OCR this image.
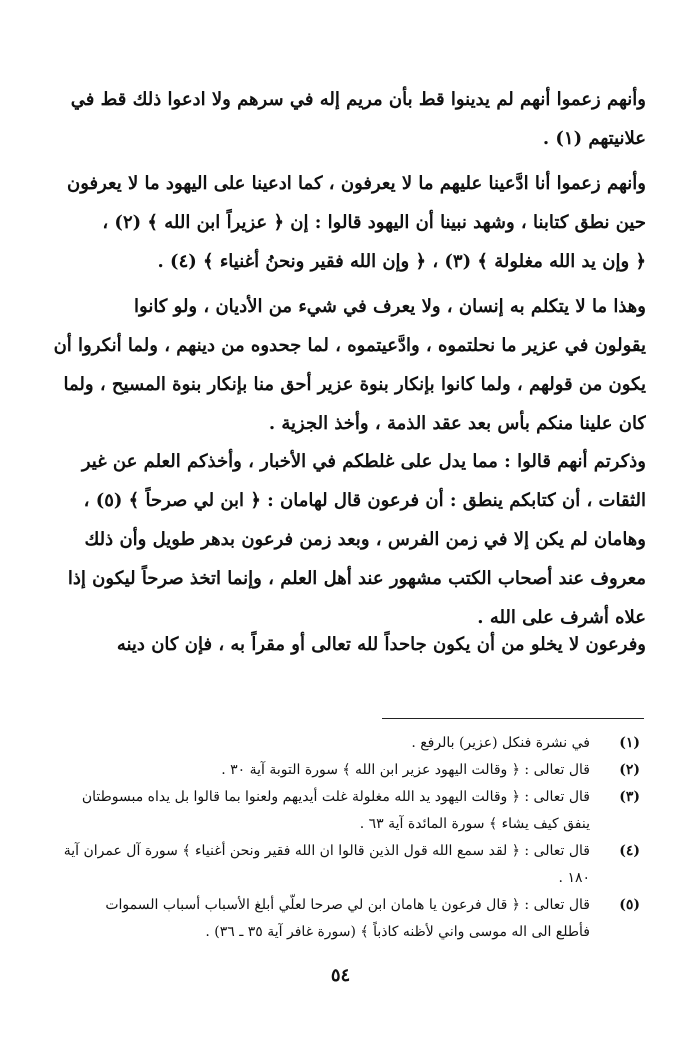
وأنهم زعموا أنهم لم يدينوا قط بأن مريم إله في سرهم ولا ادعوا ذلك قط في
علانيتهم (١) .
وأنهم زعموا أنا ادَّعينا عليهم ما لا يعرفون ، كما ادعينا على اليهود ما لا يعرفون
حين نطق كتابنا ، وشهد نبينا أن اليهود قالوا : إن ﴿ عزيراً ابن الله ﴾ (٢) ،
﴿ وإن يد الله مغلولة ﴾ (٣) ، ﴿ وإن الله فقير ونحنُ أغنياء ﴾ (٤) .
وهذا ما لا يتكلم به إنسان ، ولا يعرف في شيء من الأديان ، ولو كانوا
يقولون في عزير ما نحلتموه ، وادَّعيتموه ، لما جحدوه من دينهم ، ولما أنكروا أن
يكون من قولهم ، ولما كانوا بإنكار بنوة عزير أحق منا بإنكار بنوة المسيح ، ولما
كان علينا منكم بأس بعد عقد الذمة ، وأخذ الجزية .
وذكرتم أنهم قالوا : مما يدل على غلطكم في الأخبار ، وأخذكم العلم عن غير
الثقات ، أن كتابكم ينطق : أن فرعون قال لهامان : ﴿ ابن لي صرحاً ﴾ (٥) ،
وهامان لم يكن إلا في زمن الفرس ، وبعد زمن فرعون بدهر طويل وأن ذلك
معروف عند أصحاب الكتب مشهور عند أهل العلم ، وإنما اتخذ صرحاً ليكون إذا
علاه أشرف على الله .
وفرعون لا يخلو من أن يكون جاحداً لله تعالى أو مقراً به ، فإن كان دينه
(١)
في نشرة فنكل (عزير) بالرفع .
(٢)
قال تعالى : ﴿ وقالت اليهود عزير ابن الله ﴾ سورة التوبة آية ٣٠ .
(٣)
قال تعالى : ﴿ وقالت اليهود يد الله مغلولة غلت أيديهم ولعنوا بما قالوا بل يداه مبسوطتان
ينفق كيف يشاء ﴾ سورة المائدة آية ٦٣ .
(٤)
قال تعالى : ﴿ لقد سمع الله قول الذين قالوا ان الله فقير ونحن أغنياء ﴾ سورة آل عمران آية
١٨٠ .
(٥)
قال تعالى : ﴿ قال فرعون يا هامان ابن لي صرحا لعلّي أبلغ الأسباب أسباب السموات
فأطلع الى اله موسى واني لأظنه كاذباً ﴾ (سورة غافر آية ٣٥ ـ ٣٦) .
٥٤
